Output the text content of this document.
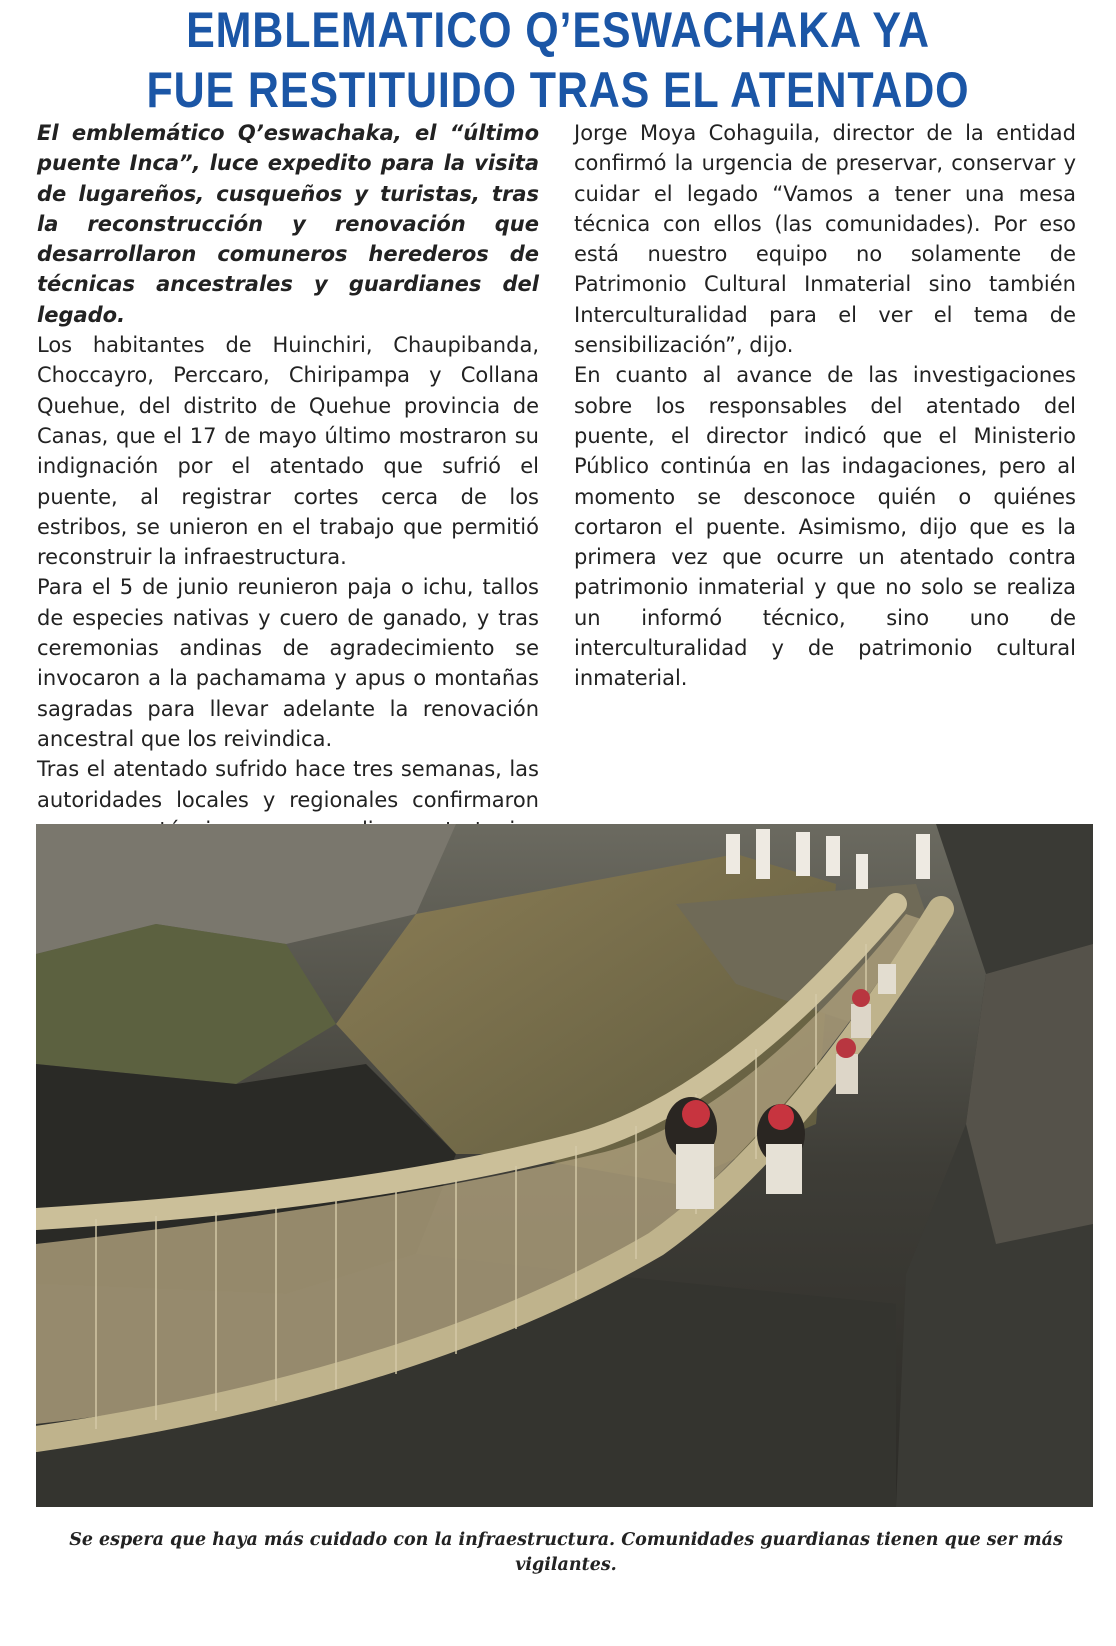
EMBLEMATICO Q’ESWACHAKA YA
FUE RESTITUIDO TRAS EL ATENTADO

El emblemático Q’eswachaka, el “último puente Inca”, luce expedito para la visita de lugareños, cusqueños y turistas, tras la reconstrucción y renovación que desarrollaron comuneros herederos de técnicas ancestrales y guardianes del legado.

Los habitantes de Huinchiri, Chaupibanda, Choccayro, Perccaro, Chiripampa y Collana Quehue, del distrito de Quehue provincia de Canas, que el 17 de mayo último mostraron su indignación por el atentado que sufrió el puente, al registrar cortes cerca de los estribos, se unieron en el trabajo que permitió reconstruir la infraestructura.

Para el 5 de junio reunieron paja o ichu, tallos de especies nativas y cuero de ganado, y tras ceremonias andinas de agradecimiento se invocaron a la pachamama y apus o montañas sagradas para llevar adelante la renovación ancestral que los reivindica.

Tras el atentado sufrido hace tres semanas, las autoridades locales y regionales confirmaron

Jorge Moya Cohaguila, director de la entidad confirmó la urgencia de preservar, conservar y cuidar el legado “Vamos a tener una mesa técnica con ellos (las comunidades). Por eso está nuestro equipo no solamente de Patrimonio Cultural Inmaterial sino también Interculturalidad para el ver el tema de sensibilización”, dijo.

En cuanto al avance de las investigaciones sobre los responsables del atentado del puente, el director indicó que el Ministerio Público continúa en las indagaciones, pero al momento se desconoce quién o quiénes cortaron el puente. Asimismo, dijo que es la primera vez que ocurre un atentado contra patrimonio inmaterial y que no solo se realiza un informó técnico, sino uno de interculturalidad y de patrimonio cultural inmaterial.

Se espera que haya más cuidado con la infraestructura. Comunidades guardianas tienen que ser más vigilantes.
